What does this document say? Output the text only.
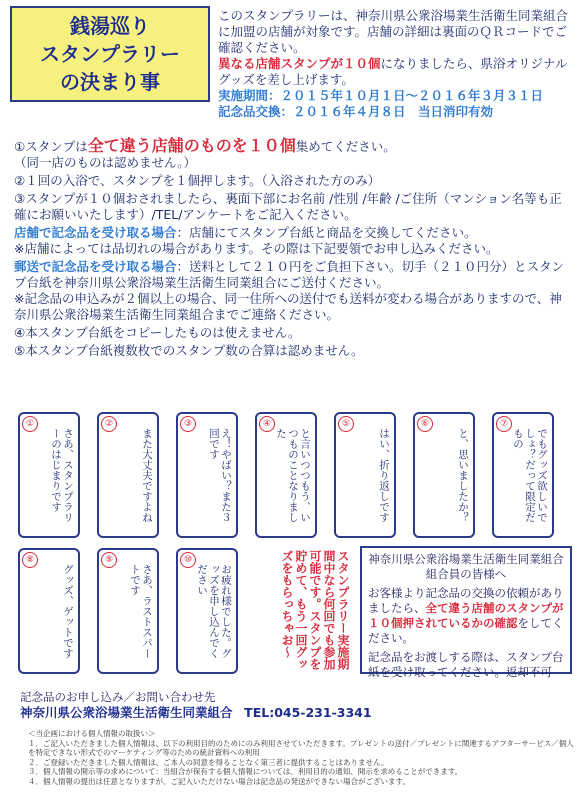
銭湯巡り
スタンプラリー
の決まり事
このスタンプラリーは、神奈川県公衆浴場業生活衛生同業組合に加盟の店舗が対象です。店舗の詳細は裏面のＱＲコードでご確認ください。
異なる店舗スタンプが１０個になりましたら、県浴オリジナルグッズを差し上げます。
実施期間：２０１５年１０月１日〜２０１６年３月３１日
記念品交換：２０１６年４月８日　当日消印有効

①スタンプは全て違う店舗のものを１０個集めてください。
（同一店のものは認めません。）

②１回の入浴で、スタンプを１個押します。（入浴された方のみ）

③スタンプが１０個おされましたら、裏面下部にお名前 /性別 /年齢 /ご住所（マンション名等も正確にお願いいたします）/TEL/アンケートをご記入ください。

店舗で記念品を受け取る場合：店舗にてスタンプ台紙と商品を交換してください。
※店舗によっては品切れの場合があります。その際は下記要領でお申し込みください。

郵送で記念品を受け取る場合：送料として２１０円をご負担下さい。切手（２１０円分）とスタンプ台紙を神奈川県公衆浴場業生活衛生同業組合にご送付ください。
※記念品の申込みが２個以上の場合、同一住所への送付でも送料が変わる場合がありますので、神奈川県公衆浴場業生活衛生同業組合までご連絡ください。

④本スタンプ台紙をコピーしたものは使えません。

⑤本スタンプ台紙複数枚でのスタンプ数の合算は認めません。

①
さあ、スタンプラリーのはじまりです
②
また大丈夫ですよね
③
え！やばい？また３回です
④
と言いつつもう、いつものことなりました
⑤
はい、折り返しです
⑥
と、思いましたか？
⑦
でもグッズ欲しいでしょ？だって限定だもの
⑧
グッズ、ゲットです
⑨
さあ、ラストスパートです
⑩
お疲れ様でした。グッズを申し込んでください	スタンプラリー実施期間中なら何回でも参加可能です。スタンプを貯めて、もう一回グッズをもらっちゃお〜	神奈川県公衆浴場業生活衛生同業組合　組合員の皆様へ
お客様より記念品の交換の依頼がありましたら、全て違う店舗のスタンプが１０個押されているかの確認をしてください。
記念品をお渡しする際は、スタンプ台紙を受け取ってください。返却不可
記念品のお申し込み／お問い合わせ先
神奈川県公衆浴場業生活衛生同業組合 TEL:045-231-3341
＜当企画における個人情報の取扱い＞
１．ご記入いただきました個人情報は、以下の利用目的のためにのみ利用させていただきます。プレゼントの送付／プレゼントに関連するアフターサービス／個人を特定できない形式でのマーケティング等のための統計資料への利用
２．ご登録いただきました個人情報は、ご本人の同意を得ることなく第三者に提供することはありません。
３．個人情報の開示等の求めについて：当組合が保有する個人情報については、利用目的の通知、開示を求めることができます。
４．個人情報の提出は任意となりますが、ご記入いただけない場合は記念品の発送ができない場合がございます。
